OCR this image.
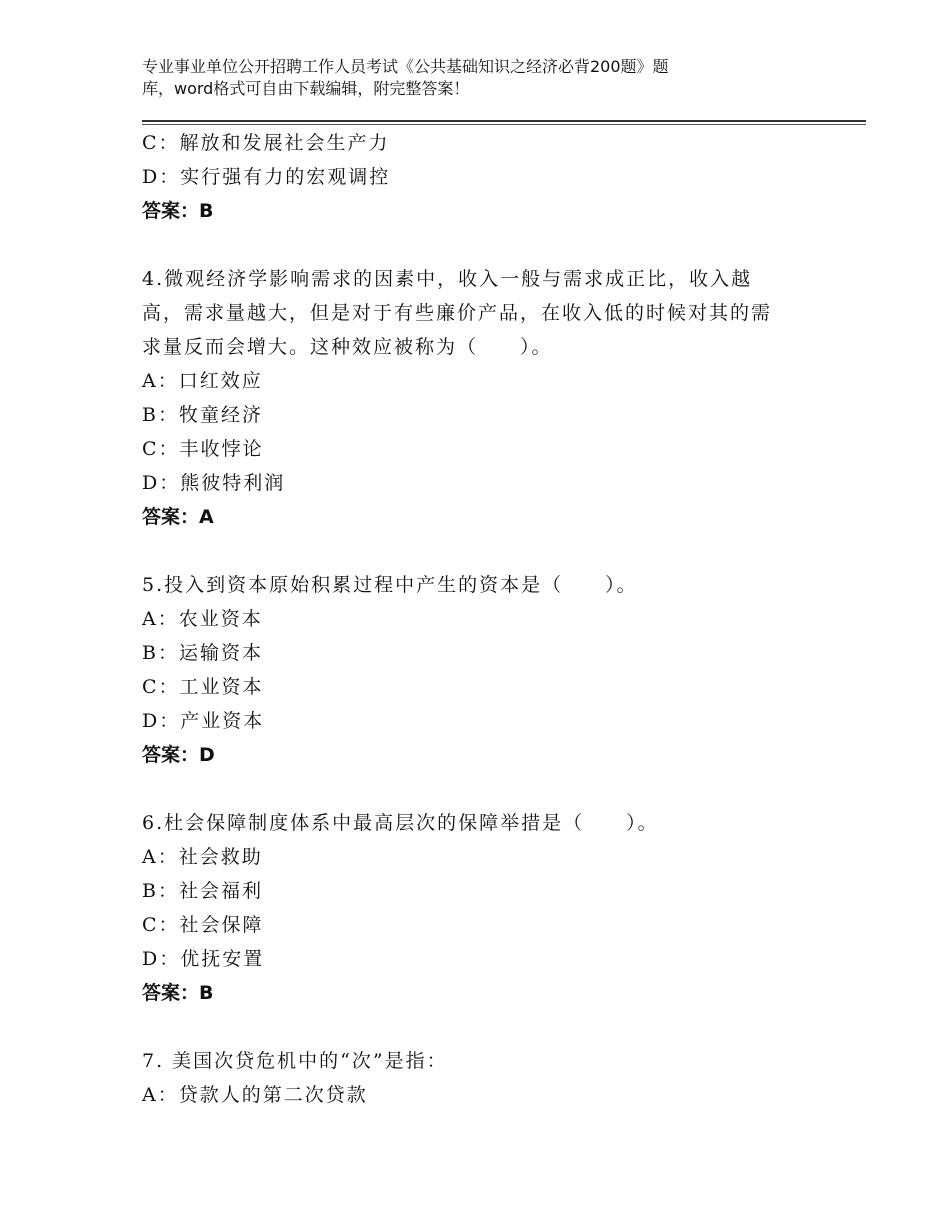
专业事业单位公开招聘工作人员考试《公共基础知识之经济必背200题》题
库，word格式可自由下载编辑，附完整答案！
C：解放和发展社会生产力
D：实行强有力的宏观调控
答案：B
4.微观经济学影响需求的因素中，收入一般与需求成正比，收入越
高，需求量越大，但是对于有些廉价产品，在收入低的时候对其的需
求量反而会增大。这种效应被称为（　　）。
A：口红效应
B：牧童经济
C：丰收悖论
D：熊彼特利润
答案：A
5.投入到资本原始积累过程中产生的资本是（　　）。
A：农业资本
B：运输资本
C：工业资本
D：产业资本
答案：D
6.杜会保障制度体系中最高层次的保障举措是（　　）。
A：社会救助
B：社会福利
C：社会保障
D：优抚安置
答案：B
7. 美国次贷危机中的“次”是指：
A：贷款人的第二次贷款
